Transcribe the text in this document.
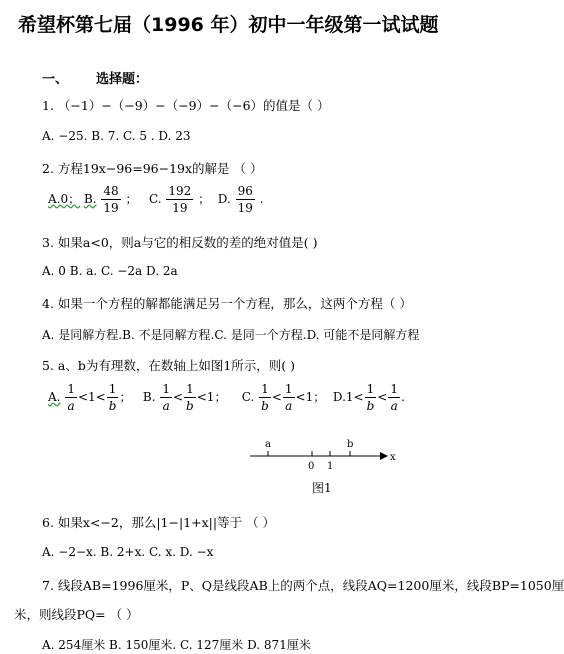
希望杯第七届（1996 年）初中一年级第一试试题
一、 选择题：
1. （−1）−（−9）−（−9）−（−6）的值是（ ）
A. −25. B. 7. C. 5 . D. 23
2. 方程19x−96=96−19x的解是 （ ）
A.0； B. $\frac{48}{19}$ ； C. $\frac{192}{19}$ ； D. $\frac{96}{19}$ .
3. 如果a<0，则a与它的相反数的差的绝对值是( )
A. 0 B. a. C. −2a D. 2a
4. 如果一个方程的解都能满足另一个方程，那么，这两个方程（ ）
A. 是同解方程.B. 不是同解方程.C. 是同一个方程.D. 可能不是同解方程
5. a、b为有理数，在数轴上如图1所示，则( )
A. $\frac{1}{a} <1< \frac{1}{b}$ ； B. $\frac{1}{a} < \frac{1}{b} <1$； C. $\frac{1}{b} < \frac{1}{a} <1$； $D.1< \frac{1}{b} < \frac{1}{a}$ .
a	b
0 1
x
图1
6. 如果x<−2，那么|1−|1+x||等于 （ ）
A. −2−x. B. 2+x. C. x. D. −x
7. 线段AB=1996厘米，P、Q是线段AB上的两个点，线段AQ=1200厘米，线段BP=1050厘
米，则线段PQ= （ ）
A. 254厘米 B. 150厘米. C. 127厘米 D. 871厘米
